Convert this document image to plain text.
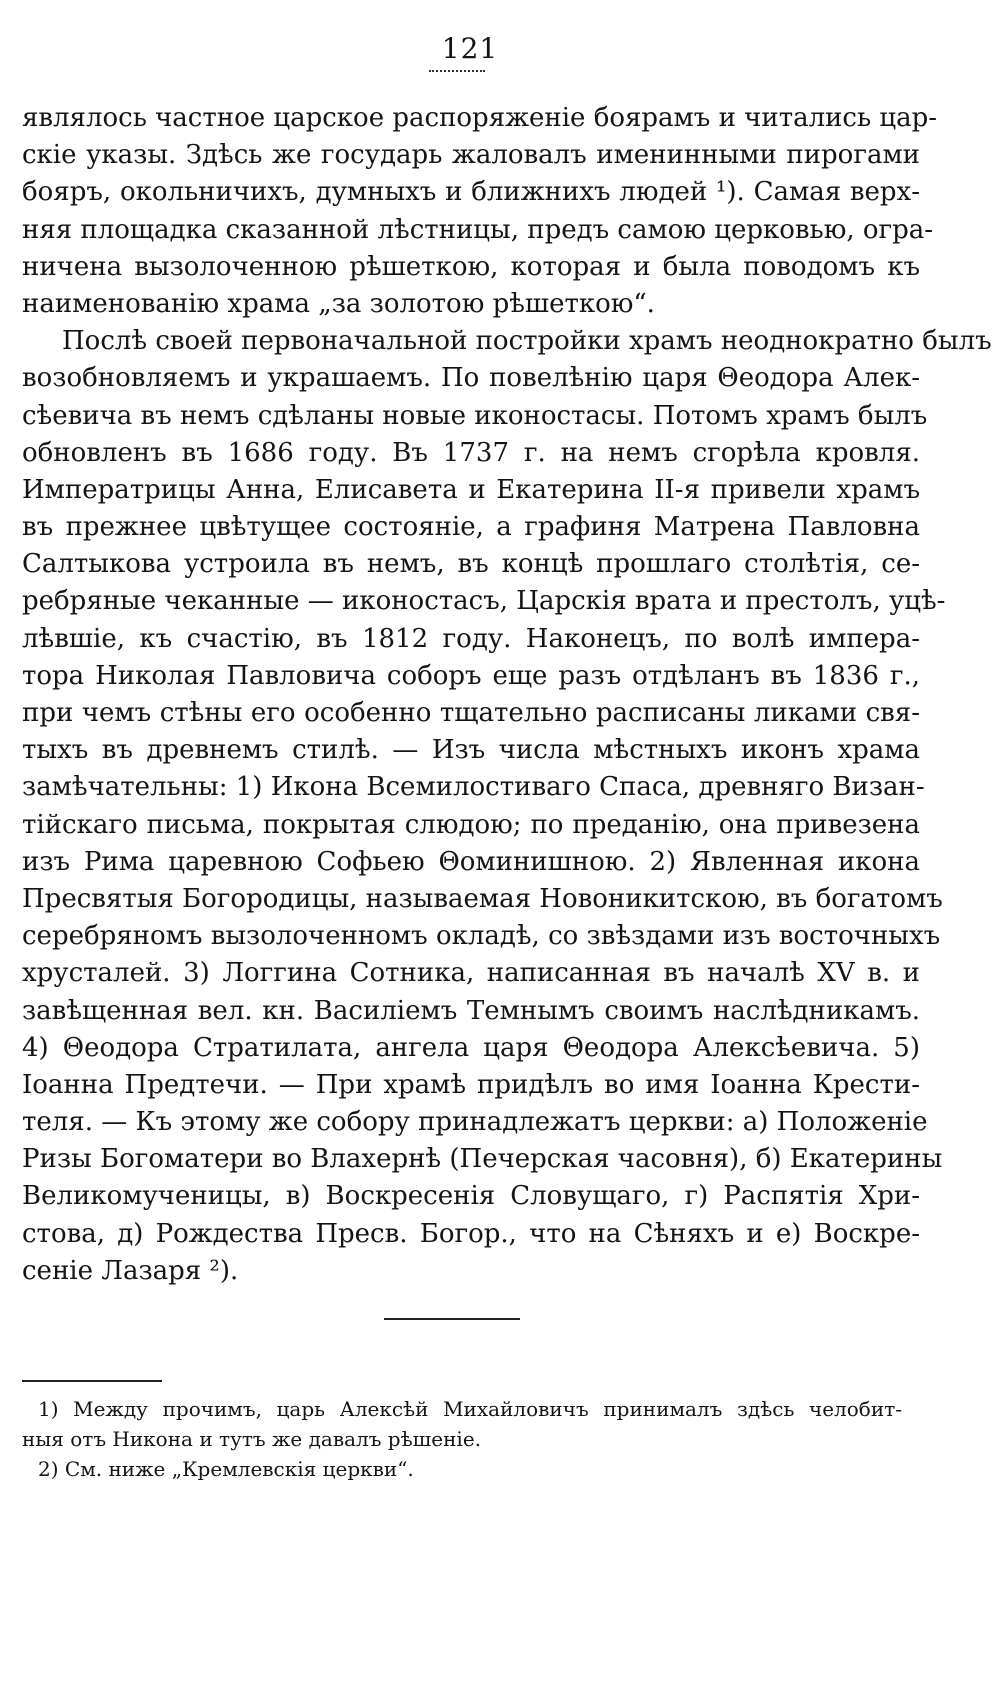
121
являлось частное царское распоряженіе боярамъ и читались цар-
скіе указы. Здѣсь же государь жаловалъ именинными пирогами
бояръ, окольничихъ, думныхъ и ближнихъ людей ¹). Самая верх-
няя площадка сказанной лѣстницы, предъ самою церковью, огра-
ничена вызолоченною рѣшеткою, которая и была поводомъ къ
наименованію храма „за золотою рѣшеткою“.
Послѣ своей первоначальной постройки храмъ неоднократно былъ
возобновляемъ и украшаемъ. По повелѣнію царя Θеодора Алек-
сѣевича въ немъ сдѣланы новые иконостасы. Потомъ храмъ былъ
обновленъ въ 1686 году. Въ 1737 г. на немъ сгорѣла кровля.
Императрицы Анна, Елисавета и Екатерина II-я привели храмъ
въ прежнее цвѣтущее состояніе, а графиня Матрена Павловна
Салтыкова устроила въ немъ, въ концѣ прошлаго столѣтія, се-
ребряные чеканные — иконостасъ, Царскія врата и престолъ, уцѣ-
лѣвшіе, къ счастію, въ 1812 году. Наконецъ, по волѣ импера-
тора Николая Павловича соборъ еще разъ отдѣланъ въ 1836 г.,
при чемъ стѣны его особенно тщательно расписаны ликами свя-
тыхъ въ древнемъ стилѣ. — Изъ числа мѣстныхъ иконъ храма
замѣчательны: 1) Икона Всемилостиваго Спаса, древняго Визан-
тійскаго письма, покрытая слюдою; по преданію, она привезена
изъ Рима царевною Софьею Θоминишною. 2) Явленная икона
Пресвятыя Богородицы, называемая Новоникитскою, въ богатомъ
серебряномъ вызолоченномъ окладѣ, со звѣздами изъ восточныхъ
хрусталей. 3) Логгина Сотника, написанная въ началѣ XV в. и
завѣщенная вел. кн. Василіемъ Темнымъ своимъ наслѣдникамъ.
4) Θеодора Стратилата, ангела царя Θеодора Алексѣевича. 5)
Іоанна Предтечи. — При храмѣ придѣлъ во имя Іоанна Крести-
теля. — Къ этому же собору принадлежатъ церкви: а) Положеніе
Ризы Богоматери во Влахернѣ (Печерская часовня), б) Екатерины
Великомученицы, в) Воскресенія Словущаго, г) Распятія Хри-
стова, д) Рождества Пресв. Богор., что на Сѣняхъ и е) Воскре-
сеніе Лазаря ²).
1) Между прочимъ, царь Алексѣй Михайловичъ принималъ здѣсь челобит-
ныя отъ Никона и тутъ же давалъ рѣшеніе.
2) См. ниже „Кремлевскія церкви“.
